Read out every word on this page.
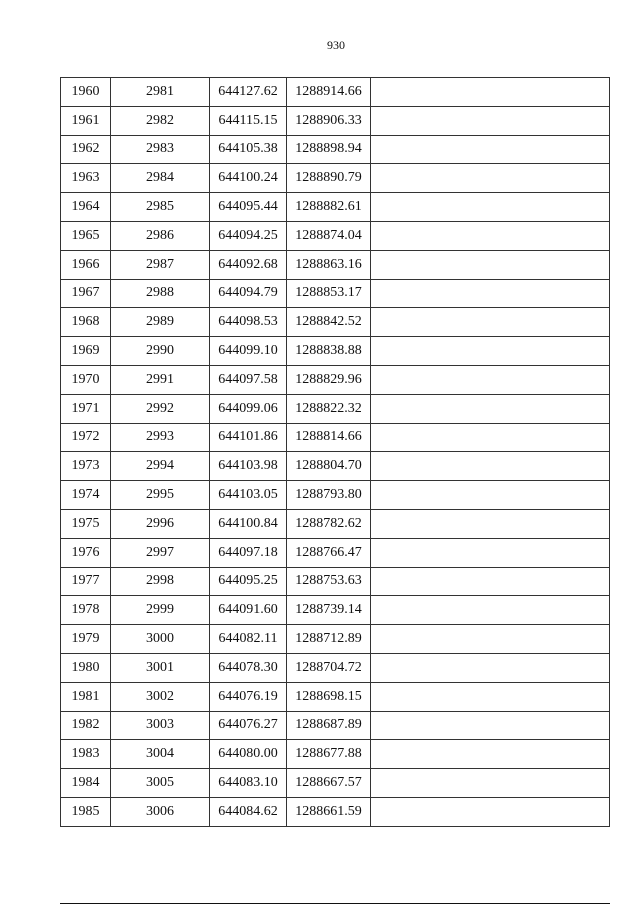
930
1960	2981	644127.62	1288914.66	
1961	2982	644115.15	1288906.33	
1962	2983	644105.38	1288898.94	
1963	2984	644100.24	1288890.79	
1964	2985	644095.44	1288882.61	
1965	2986	644094.25	1288874.04	
1966	2987	644092.68	1288863.16	
1967	2988	644094.79	1288853.17	
1968	2989	644098.53	1288842.52	
1969	2990	644099.10	1288838.88	
1970	2991	644097.58	1288829.96	
1971	2992	644099.06	1288822.32	
1972	2993	644101.86	1288814.66	
1973	2994	644103.98	1288804.70	
1974	2995	644103.05	1288793.80	
1975	2996	644100.84	1288782.62	
1976	2997	644097.18	1288766.47	
1977	2998	644095.25	1288753.63	
1978	2999	644091.60	1288739.14	
1979	3000	644082.11	1288712.89	
1980	3001	644078.30	1288704.72	
1981	3002	644076.19	1288698.15	
1982	3003	644076.27	1288687.89	
1983	3004	644080.00	1288677.88	
1984	3005	644083.10	1288667.57	
1985	3006	644084.62	1288661.59	
